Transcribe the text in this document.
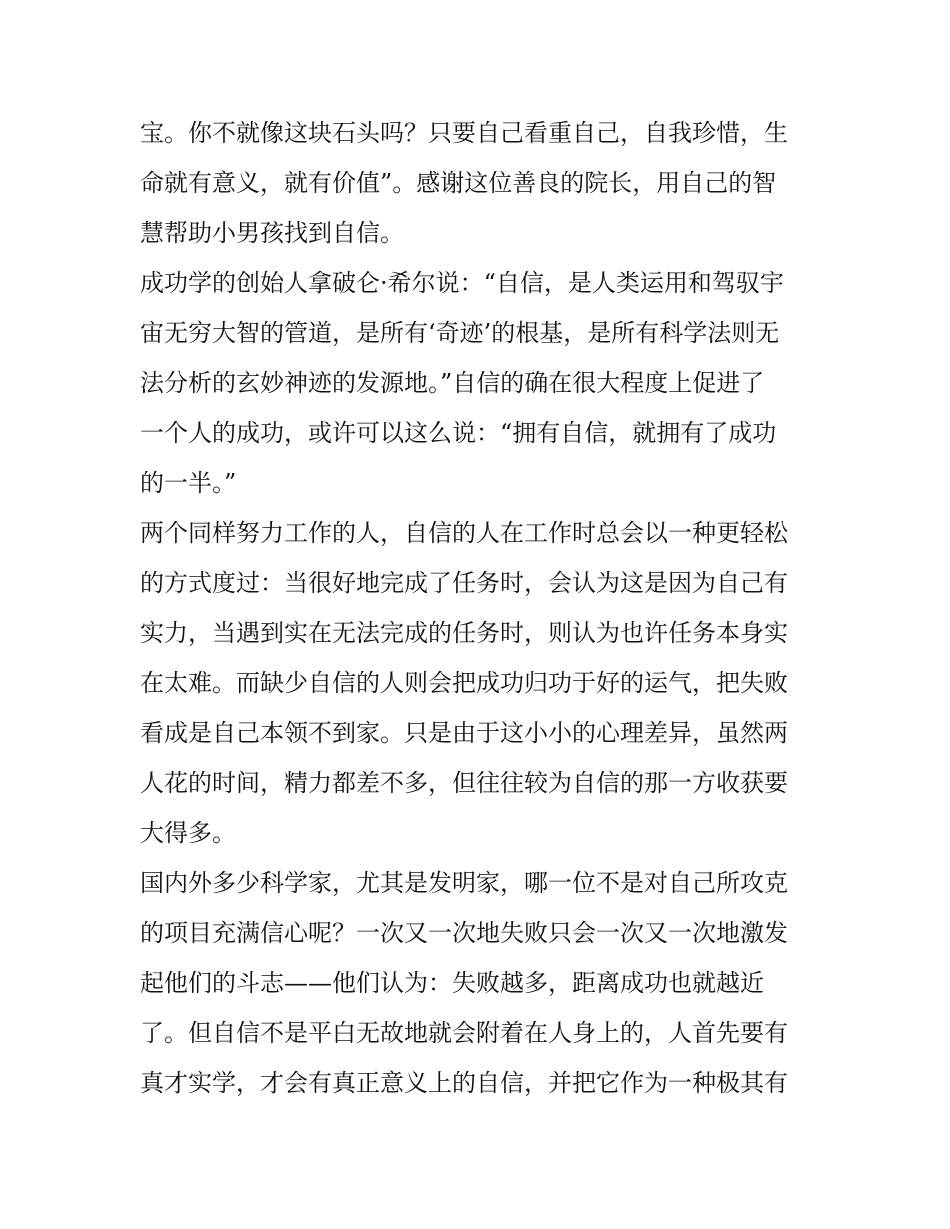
宝。你不就像这块石头吗？只要自己看重自己，自我珍惜，生
命就有意义，就有价值”。感谢这位善良的院长，用自己的智
慧帮助小男孩找到自信。
成功学的创始人拿破仑·希尔说：“自信，是人类运用和驾驭宇
宙无穷大智的管道，是所有‘奇迹’的根基，是所有科学法则无
法分析的玄妙神迹的发源地。”自信的确在很大程度上促进了
一个人的成功，或许可以这么说：“拥有自信，就拥有了成功
的一半。”
两个同样努力工作的人，自信的人在工作时总会以一种更轻松
的方式度过：当很好地完成了任务时，会认为这是因为自己有
实力，当遇到实在无法完成的任务时，则认为也许任务本身实
在太难。而缺少自信的人则会把成功归功于好的运气，把失败
看成是自己本领不到家。只是由于这小小的心理差异，虽然两
人花的时间，精力都差不多，但往往较为自信的那一方收获要
大得多。
国内外多少科学家，尤其是发明家，哪一位不是对自己所攻克
的项目充满信心呢？一次又一次地失败只会一次又一次地激发
起他们的斗志——他们认为：失败越多，距离成功也就越近
了。但自信不是平白无故地就会附着在人身上的，人首先要有
真才实学，才会有真正意义上的自信，并把它作为一种极其有
